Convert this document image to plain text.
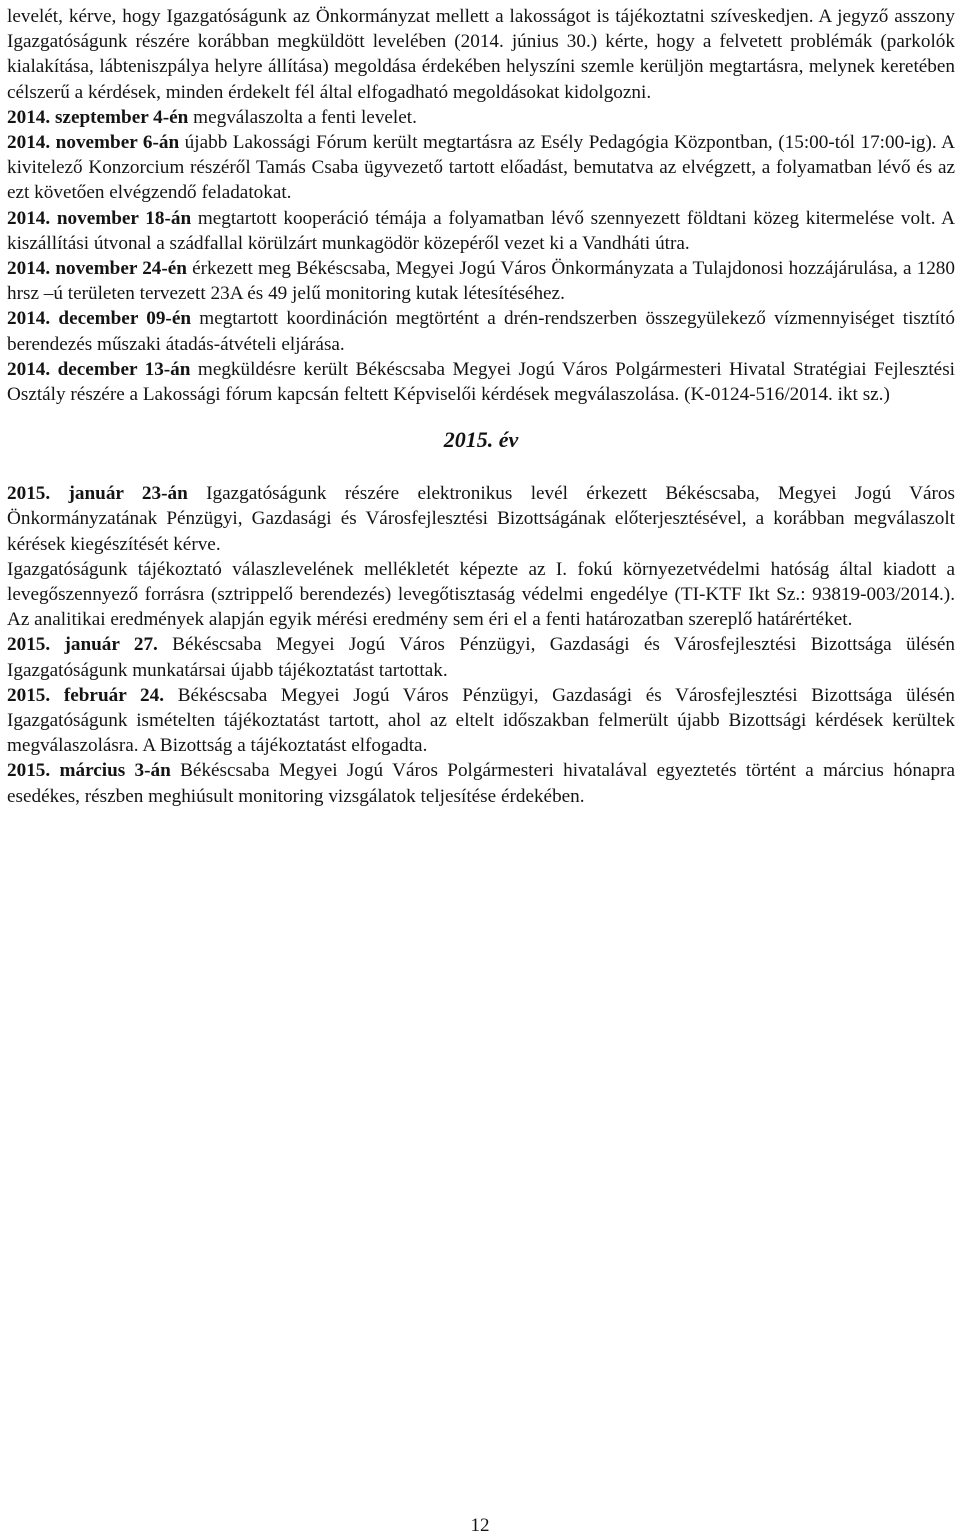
levelét, kérve, hogy Igazgatóságunk az Önkormányzat mellett a lakosságot is tájékoztatni szíveskedjen. A jegyző asszony Igazgatóságunk részére korábban megküldött levelében (2014. június 30.) kérte, hogy a felvetett problémák (parkolók kialakítása, lábteniszpálya helyre állítása) megoldása érdekében helyszíni szemle kerüljön megtartásra, melynek keretében célszerű a kérdések, minden érdekelt fél által elfogadható megoldásokat kidolgozni.

2014. szeptember 4-én megválaszolta a fenti levelet.

2014. november 6-án újabb Lakossági Fórum került megtartásra az Esély Pedagógia Központban, (15:00-tól 17:00-ig). A kivitelező Konzorcium részéről Tamás Csaba ügyvezető tartott előadást, bemutatva az elvégzett, a folyamatban lévő és az ezt követően elvégzendő feladatokat.

2014. november 18-án megtartott kooperáció témája a folyamatban lévő szennyezett földtani közeg kitermelése volt. A kiszállítási útvonal a szádfallal körülzárt munkagödör közepéről vezet ki a Vandháti útra.

2014. november 24-én érkezett meg Békéscsaba, Megyei Jogú Város Önkormányzata a Tulajdonosi hozzájárulása, a 1280 hrsz –ú területen tervezett 23A és 49 jelű monitoring kutak létesítéséhez.

2014. december 09-én megtartott koordináción megtörtént a drén-rendszerben összegyülekező vízmennyiséget tisztító berendezés műszaki átadás-átvételi eljárása.

2014. december 13-án megküldésre került Békéscsaba Megyei Jogú Város Polgármesteri Hivatal Stratégiai Fejlesztési Osztály részére a Lakossági fórum kapcsán feltett Képviselői kérdések megválaszolása. (K-0124-516/2014. ikt sz.)

2015. év

2015. január 23-án Igazgatóságunk részére elektronikus levél érkezett Békéscsaba, Megyei Jogú Város Önkormányzatának Pénzügyi, Gazdasági és Városfejlesztési Bizottságának előterjesztésével, a korábban megválaszolt kérések kiegészítését kérve.

Igazgatóságunk tájékoztató válaszlevelének mellékletét képezte az I. fokú környezetvédelmi hatóság által kiadott a levegőszennyező forrásra (sztrippelő berendezés) levegőtisztaság védelmi engedélye (TI-KTF Ikt Sz.: 93819-003/2014.). Az analitikai eredmények alapján egyik mérési eredmény sem éri el a fenti határozatban szereplő határértéket.

2015. január 27. Békéscsaba Megyei Jogú Város Pénzügyi, Gazdasági és Városfejlesztési Bizottsága ülésén Igazgatóságunk munkatársai újabb tájékoztatást tartottak.

2015. február 24. Békéscsaba Megyei Jogú Város Pénzügyi, Gazdasági és Városfejlesztési Bizottsága ülésén Igazgatóságunk ismételten tájékoztatást tartott, ahol az eltelt időszakban felmerült újabb Bizottsági kérdések kerültek megválaszolásra. A Bizottság a tájékoztatást elfogadta.

2015. március 3-án Békéscsaba Megyei Jogú Város Polgármesteri hivatalával egyeztetés történt a március hónapra esedékes, részben meghiúsult monitoring vizsgálatok teljesítése érdekében.

12
